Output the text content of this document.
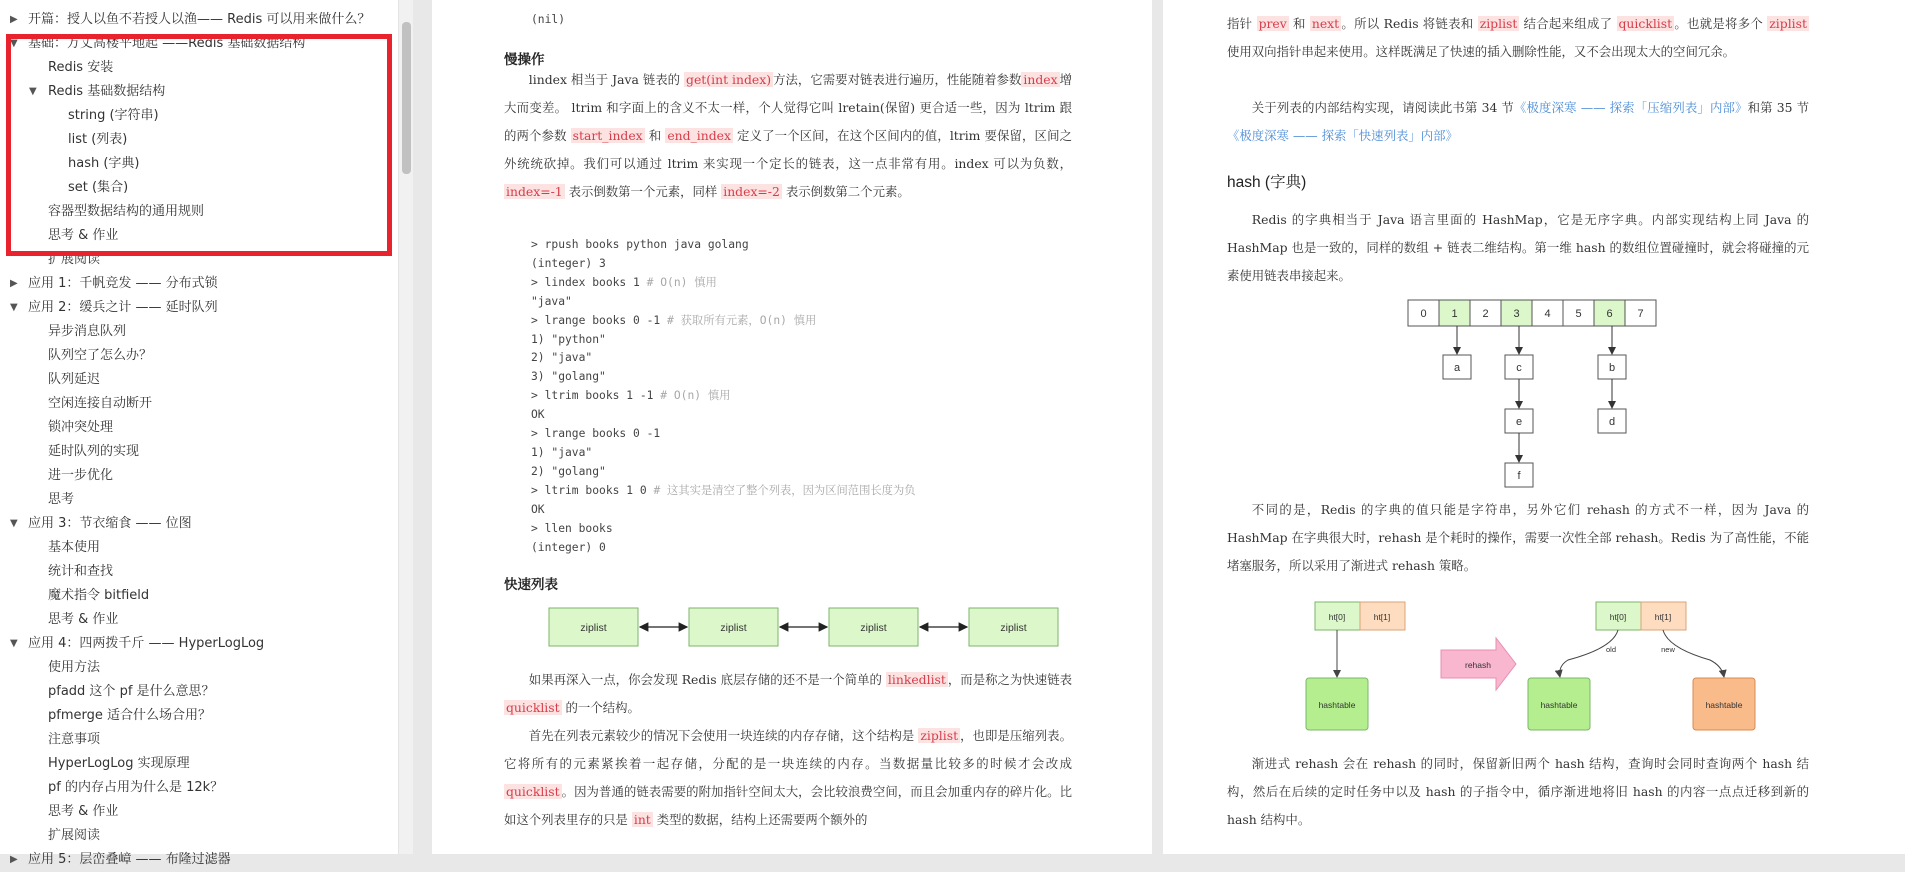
▶ 开篇：授人以鱼不若授人以渔—— Redis 可以用来做什么？
▼ 基础：万丈高楼平地起 ——Redis 基础数据结构
Redis 安装
▼ Redis 基础数据结构
string (字符串)
list (列表)
hash (字典)
set (集合)
容器型数据结构的通用规则
思考 & 作业
扩展阅读
▶ 应用 1：千帆竞发 —— 分布式锁
▼ 应用 2：缓兵之计 —— 延时队列
异步消息队列
队列空了怎么办？
队列延迟
空闲连接自动断开
锁冲突处理
延时队列的实现
进一步优化
思考
▼ 应用 3：节衣缩食 —— 位图
基本使用
统计和查找
魔术指令 bitfield
思考 & 作业
▼ 应用 4：四两拨千斤 —— HyperLogLog
使用方法
pfadd 这个 pf 是什么意思？
pfmerge 适合什么场合用？
注意事项
HyperLogLog 实现原理
pf 的内存占用为什么是 12k？
思考 & 作业
扩展阅读
▶ 应用 5：层峦叠嶂 —— 布隆过滤器
(nil)
慢操作
lindex 相当于 Java 链表的 get(int index) 方法，它需要对链表进行遍历，性能随着参数 index 增大而变差。 ltrim 和字面上的含义不太一样，个人觉得它叫 lretain(保留) 更合适一些，因为 ltrim 跟的两个参数 start_index 和 end_index 定义了一个区间，在这个区间内的值，ltrim 要保留，区间之外统统砍掉。我们可以通过 ltrim 来实现一个定长的链表，这一点非常有用。index 可以为负数，index=-1 表示倒数第一个元素，同样 index=-2 表示倒数第二个元素。
> rpush books python java golang
(integer) 3
> lindex books 1 # O(n) 慎用
"java"
> lrange books 0 -1 # 获取所有元素，O(n) 慎用
1) "python"
2) "java"
3) "golang"
> ltrim books 1 -1 # O(n) 慎用
OK
> lrange books 0 -1
1) "java"
2) "golang"
> ltrim books 1 0 # 这其实是清空了整个列表，因为区间范围长度为负
OK
> llen books
(integer) 0
快速列表
ziplist	ziplist	ziplist	ziplist
如果再深入一点，你会发现 Redis 底层存储的还不是一个简单的 linkedlist ，而是称之为快速链表 quicklist 的一个结构。
首先在列表元素较少的情况下会使用一块连续的内存存储，这个结构是 ziplist ，也即是压缩列表。它将所有的元素紧挨着一起存储，分配的是一块连续的内存。当数据量比较多的时候才会改成 quicklist 。因为普通的链表需要的附加指针空间太大，会比较浪费空间，而且会加重内存的碎片化。比如这个列表里存的只是 int 类型的数据，结构上还需要两个额外的
指针 prev 和 next 。所以 Redis 将链表和 ziplist 结合起来组成了 quicklist 。也就是将多个 ziplist 使用双向指针串起来使用。这样既满足了快速的插入删除性能，又不会出现太大的空间冗余。
关于列表的内部结构实现，请阅读此书第 34 节《极度深寒 —— 探索「压缩列表」内部》和第 35 节《极度深寒 —— 探索「快速列表」内部》
hash (字典)
Redis 的字典相当于 Java 语言里面的 HashMap，它是无序字典。内部实现结构上同 Java 的 HashMap 也是一致的，同样的数组 + 链表二维结构。第一维 hash 的数组位置碰撞时，就会将碰撞的元素使用链表串接起来。
0 1 2 3 4 5 6 7
a	c
e
f
b
d
不同的是，Redis 的字典的值只能是字符串，另外它们 rehash 的方式不一样，因为 Java 的 HashMap 在字典很大时，rehash 是个耗时的操作，需要一次性全部 rehash。Redis 为了高性能，不能堵塞服务，所以采用了渐进式 rehash 策略。
ht[0]	ht[1]
hashtable
rehash
ht[0]	ht[1]
old	new
hashtable	hashtable
渐进式 rehash 会在 rehash 的同时，保留新旧两个 hash 结构，查询时会同时查询两个 hash 结构，然后在后续的定时任务中以及 hash 的子指令中，循序渐进地将旧 hash 的内容一点点迁移到新的 hash 结构中。
